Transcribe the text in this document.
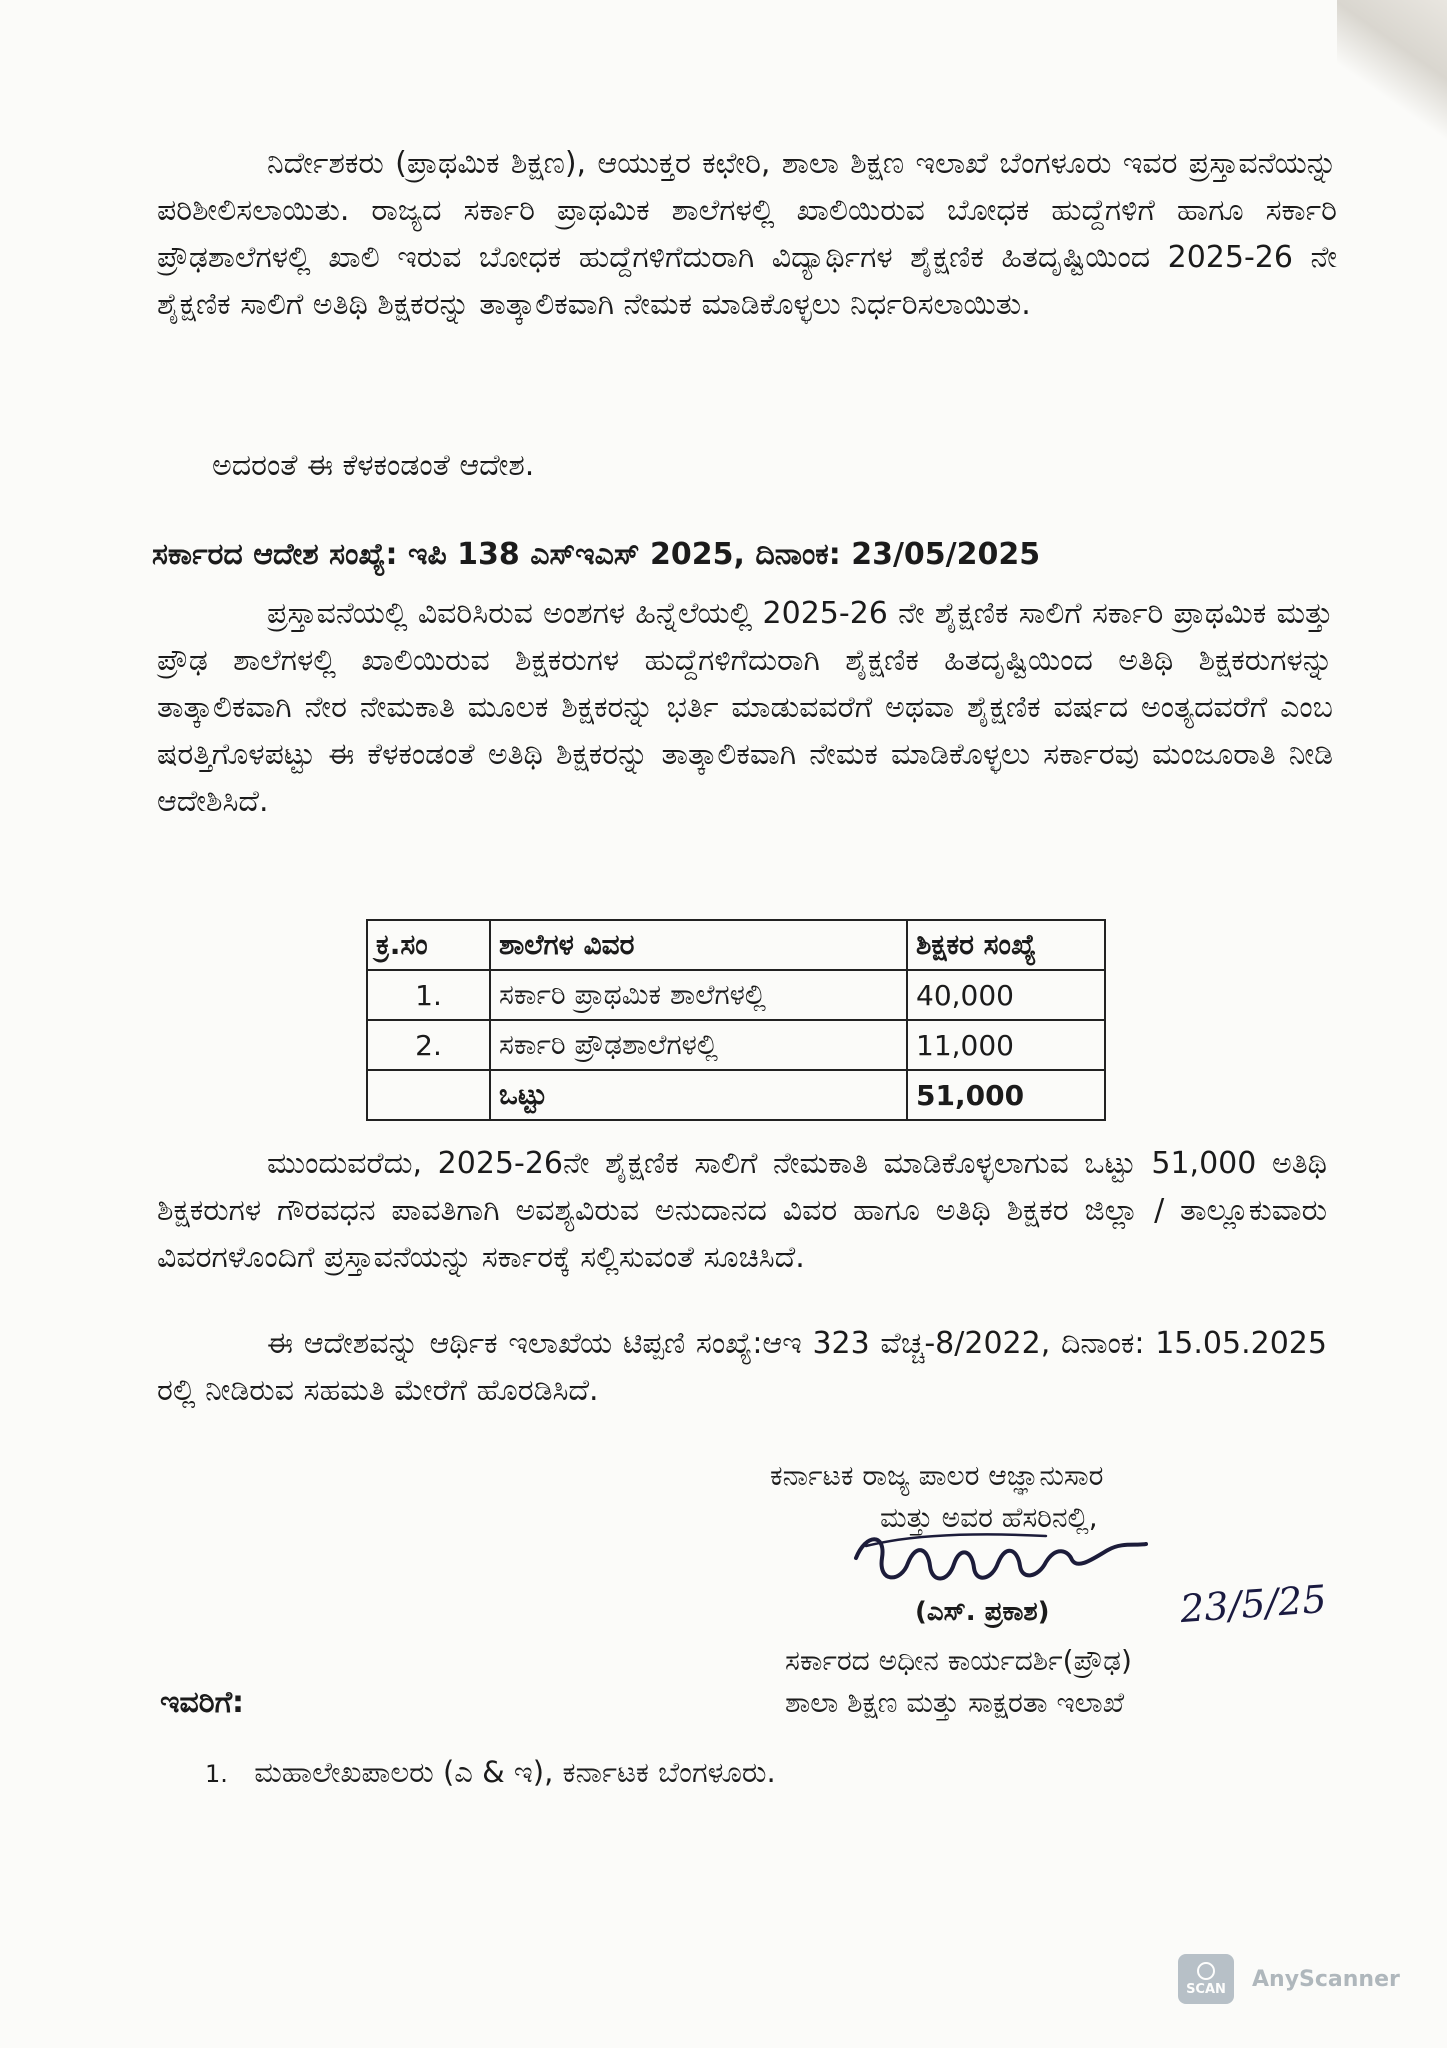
ನಿರ್ದೇಶಕರು (ಪ್ರಾಥಮಿಕ ಶಿಕ್ಷಣ), ಆಯುಕ್ತರ ಕಛೇರಿ, ಶಾಲಾ ಶಿಕ್ಷಣ ಇಲಾಖೆ ಬೆಂಗಳೂರು ಇವರ ಪ್ರಸ್ತಾವನೆಯನ್ನು ಪರಿಶೀಲಿಸಲಾಯಿತು. ರಾಜ್ಯದ ಸರ್ಕಾರಿ ಪ್ರಾಥಮಿಕ ಶಾಲೆಗಳಲ್ಲಿ ಖಾಲಿಯಿರುವ ಬೋಧಕ ಹುದ್ದೆಗಳಿಗೆ ಹಾಗೂ ಸರ್ಕಾರಿ ಪ್ರೌಢಶಾಲೆಗಳಲ್ಲಿ ಖಾಲಿ ಇರುವ ಬೋಧಕ ಹುದ್ದೆಗಳಿಗೆದುರಾಗಿ ವಿದ್ಯಾರ್ಥಿಗಳ ಶೈಕ್ಷಣಿಕ ಹಿತದೃಷ್ಟಿಯಿಂದ 2025-26 ನೇ ಶೈಕ್ಷಣಿಕ ಸಾಲಿಗೆ ಅತಿಥಿ ಶಿಕ್ಷಕರನ್ನು ತಾತ್ಕಾಲಿಕವಾಗಿ ನೇಮಕ ಮಾಡಿಕೊಳ್ಳಲು ನಿರ್ಧರಿಸಲಾಯಿತು.
ಅದರಂತೆ ಈ ಕೆಳಕಂಡಂತೆ ಆದೇಶ.
ಸರ್ಕಾರದ ಆದೇಶ ಸಂಖ್ಯೆ: ಇಪಿ 138 ಎಸ್‌ಇಎಸ್ 2025, ದಿನಾಂಕ: 23/05/2025
ಪ್ರಸ್ತಾವನೆಯಲ್ಲಿ ವಿವರಿಸಿರುವ ಅಂಶಗಳ ಹಿನ್ನೆಲೆಯಲ್ಲಿ 2025-26 ನೇ ಶೈಕ್ಷಣಿಕ ಸಾಲಿಗೆ ಸರ್ಕಾರಿ ಪ್ರಾಥಮಿಕ ಮತ್ತು ಪ್ರೌಢ ಶಾಲೆಗಳಲ್ಲಿ ಖಾಲಿಯಿರುವ ಶಿಕ್ಷಕರುಗಳ ಹುದ್ದೆಗಳಿಗೆದುರಾಗಿ ಶೈಕ್ಷಣಿಕ ಹಿತದೃಷ್ಟಿಯಿಂದ ಅತಿಥಿ ಶಿಕ್ಷಕರುಗಳನ್ನು ತಾತ್ಕಾಲಿಕವಾಗಿ ನೇರ ನೇಮಕಾತಿ ಮೂಲಕ ಶಿಕ್ಷಕರನ್ನು ಭರ್ತಿ ಮಾಡುವವರೆಗೆ ಅಥವಾ ಶೈಕ್ಷಣಿಕ ವರ್ಷದ ಅಂತ್ಯದವರೆಗೆ ಎಂಬ ಷರತ್ತಿಗೊಳಪಟ್ಟು ಈ ಕೆಳಕಂಡಂತೆ ಅತಿಥಿ ಶಿಕ್ಷಕರನ್ನು ತಾತ್ಕಾಲಿಕವಾಗಿ ನೇಮಕ ಮಾಡಿಕೊಳ್ಳಲು ಸರ್ಕಾರವು ಮಂಜೂರಾತಿ ನೀಡಿ ಆದೇಶಿಸಿದೆ.
ಕ್ರ.ಸಂ	ಶಾಲೆಗಳ ವಿವರ	ಶಿಕ್ಷಕರ ಸಂಖ್ಯೆ
1.	ಸರ್ಕಾರಿ ಪ್ರಾಥಮಿಕ ಶಾಲೆಗಳಲ್ಲಿ	40,000
2.	ಸರ್ಕಾರಿ ಪ್ರೌಢಶಾಲೆಗಳಲ್ಲಿ	11,000
	ಒಟ್ಟು	51,000
ಮುಂದುವರೆದು, 2025-26ನೇ ಶೈಕ್ಷಣಿಕ ಸಾಲಿಗೆ ನೇಮಕಾತಿ ಮಾಡಿಕೊಳ್ಳಲಾಗುವ ಒಟ್ಟು 51,000 ಅತಿಥಿ ಶಿಕ್ಷಕರುಗಳ ಗೌರವಧನ ಪಾವತಿಗಾಗಿ ಅವಶ್ಯವಿರುವ ಅನುದಾನದ ವಿವರ ಹಾಗೂ ಅತಿಥಿ ಶಿಕ್ಷಕರ ಜಿಲ್ಲಾ / ತಾಲ್ಲೂಕುವಾರು ವಿವರಗಳೊಂದಿಗೆ ಪ್ರಸ್ತಾವನೆಯನ್ನು ಸರ್ಕಾರಕ್ಕೆ ಸಲ್ಲಿಸುವಂತೆ ಸೂಚಿಸಿದೆ.
ಈ ಆದೇಶವನ್ನು ಆರ್ಥಿಕ ಇಲಾಖೆಯ ಟಿಪ್ಪಣಿ ಸಂಖ್ಯೆ:ಆಇ 323 ವೆಚ್ಚ-8/2022, ದಿನಾಂಕ: 15.05.2025 ರಲ್ಲಿ ನೀಡಿರುವ ಸಹಮತಿ ಮೇರೆಗೆ ಹೊರಡಿಸಿದೆ.
ಕರ್ನಾಟಕ ರಾಜ್ಯ ಪಾಲರ ಆಜ್ಞಾನುಸಾರ
ಮತ್ತು ಅವರ ಹೆಸರಿನಲ್ಲಿ,
(ಎಸ್. ಪ್ರಕಾಶ)	23/5/25
ಸರ್ಕಾರದ ಅಧೀನ ಕಾರ್ಯದರ್ಶಿ(ಪ್ರೌಢ)
ಶಾಲಾ ಶಿಕ್ಷಣ ಮತ್ತು ಸಾಕ್ಷರತಾ ಇಲಾಖೆ
ಇವರಿಗೆ:
1. ಮಹಾಲೇಖಪಾಲರು (ಎ & ಇ), ಕರ್ನಾಟಕ ಬೆಂಗಳೂರು.
SCAN AnyScanner
